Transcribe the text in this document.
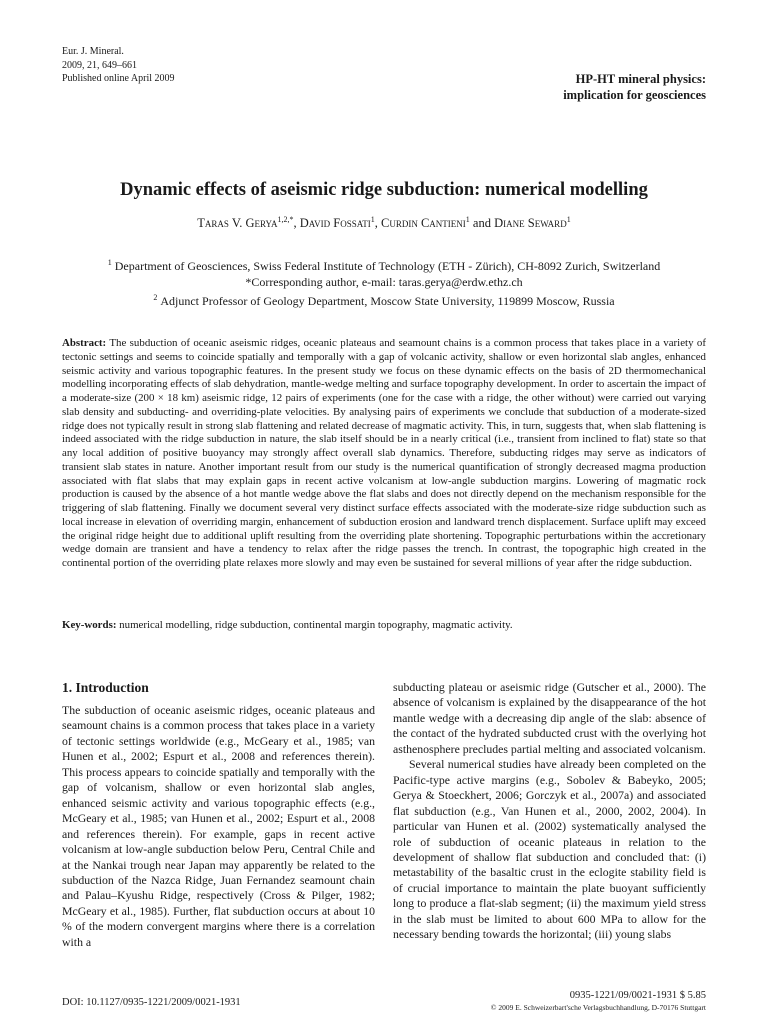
Eur. J. Mineral.
2009, 21, 649–661
Published online April 2009	HP-HT mineral physics:
implication for geosciences
Dynamic effects of aseismic ridge subduction: numerical modelling
Taras V. Gerya$^{1,2,*}$, David Fossati$^1$, Curdin Cantieni$^1$ and Diane Seward$^1$
$^1$ Department of Geosciences, Swiss Federal Institute of Technology (ETH - Zürich), CH-8092 Zurich, Switzerland
*Corresponding author, e-mail: taras.gerya@erdw.ethz.ch
$^2$ Adjunct Professor of Geology Department, Moscow State University, 119899 Moscow, Russia

Abstract: The subduction of oceanic aseismic ridges, oceanic plateaus and seamount chains is a common process that takes place in a variety of tectonic settings and seems to coincide spatially and temporally with a gap of volcanic activity, shallow or even horizontal slab angles, enhanced seismic activity and various topographic features. In the present study we focus on these dynamic effects on the basis of 2D thermomechanical modelling incorporating effects of slab dehydration, mantle-wedge melting and surface topography development. In order to ascertain the impact of a moderate-size (200 × 18 km) aseismic ridge, 12 pairs of experiments (one for the case with a ridge, the other without) were carried out varying slab density and subducting- and overriding-plate velocities. By analysing pairs of experiments we conclude that subduction of a moderate-sized ridge does not typically result in strong slab flattening and related decrease of magmatic activity. This, in turn, suggests that, when slab flattening is indeed associated with the ridge subduction in nature, the slab itself should be in a nearly critical (i.e., transient from inclined to flat) state so that any local addition of positive buoyancy may strongly affect overall slab dynamics. Therefore, subducting ridges may serve as indicators of transient slab states in nature. Another important result from our study is the numerical quantification of strongly decreased magma production associated with flat slabs that may explain gaps in recent active volcanism at low-angle subduction margins. Lowering of magmatic rock production is caused by the absence of a hot mantle wedge above the flat slabs and does not directly depend on the mechanism responsible for the triggering of slab flattening. Finally we document several very distinct surface effects associated with the moderate-size ridge subduction such as local increase in elevation of overriding margin, enhancement of subduction erosion and landward trench displacement. Surface uplift may exceed the original ridge height due to additional uplift resulting from the overriding plate shortening. Topographic perturbations within the accretionary wedge domain are transient and have a tendency to relax after the ridge passes the trench. In contrast, the topographic high created in the continental portion of the overriding plate relaxes more slowly and may even be sustained for several millions of year after the ridge subduction.

Key-words: numerical modelling, ridge subduction, continental margin topography, magmatic activity.

1. Introduction

The subduction of oceanic aseismic ridges, oceanic plateaus and seamount chains is a common process that takes place in a variety of tectonic settings worldwide (e.g., McGeary et al., 1985; van Hunen et al., 2002; Espurt et al., 2008 and references therein). This process appears to coincide spatially and temporally with the gap of volcanism, shallow or even horizontal slab angles, enhanced seismic activity and various topographic effects (e.g., McGeary et al., 1985; van Hunen et al., 2002; Espurt et al., 2008 and references therein). For example, gaps in recent active volcanism at low-angle subduction below Peru, Central Chile and at the Nankai trough near Japan may apparently be related to the subduction of the Nazca Ridge, Juan Fernandez seamount chain and Palau–Kyushu Ridge, respectively (Cross & Pilger, 1982; McGeary et al., 1985). Further, flat subduction occurs at about 10 % of the modern convergent margins where there is a correlation with a

subducting plateau or aseismic ridge (Gutscher et al., 2000). The absence of volcanism is explained by the disappearance of the hot mantle wedge with a decreasing dip angle of the slab: absence of the contact of the hydrated subducted crust with the overlying hot asthenosphere precludes partial melting and associated volcanism.

Several numerical studies have already been completed on the Pacific-type active margins (e.g., Sobolev & Babeyko, 2005; Gerya & Stoeckhert, 2006; Gorczyk et al., 2007a) and associated flat subduction (e.g., Van Hunen et al., 2000, 2002, 2004). In particular van Hunen et al. (2002) systematically analysed the role of subduction of oceanic plateaus in relation to the development of shallow flat subduction and concluded that: (i) metastability of the basaltic crust in the eclogite stability field is of crucial importance to maintain the plate buoyant sufficiently long to produce a flat-slab segment; (ii) the maximum yield stress in the slab must be limited to about 600 MPa to allow for the necessary bending towards the horizontal; (iii) young slabs

DOI: 10.1127/0935-1221/2009/0021-1931
0935-1221/09/0021-1931 $ 5.85
© 2009 E. Schweizerbart'sche Verlagsbuchhandlung, D-70176 Stuttgart
